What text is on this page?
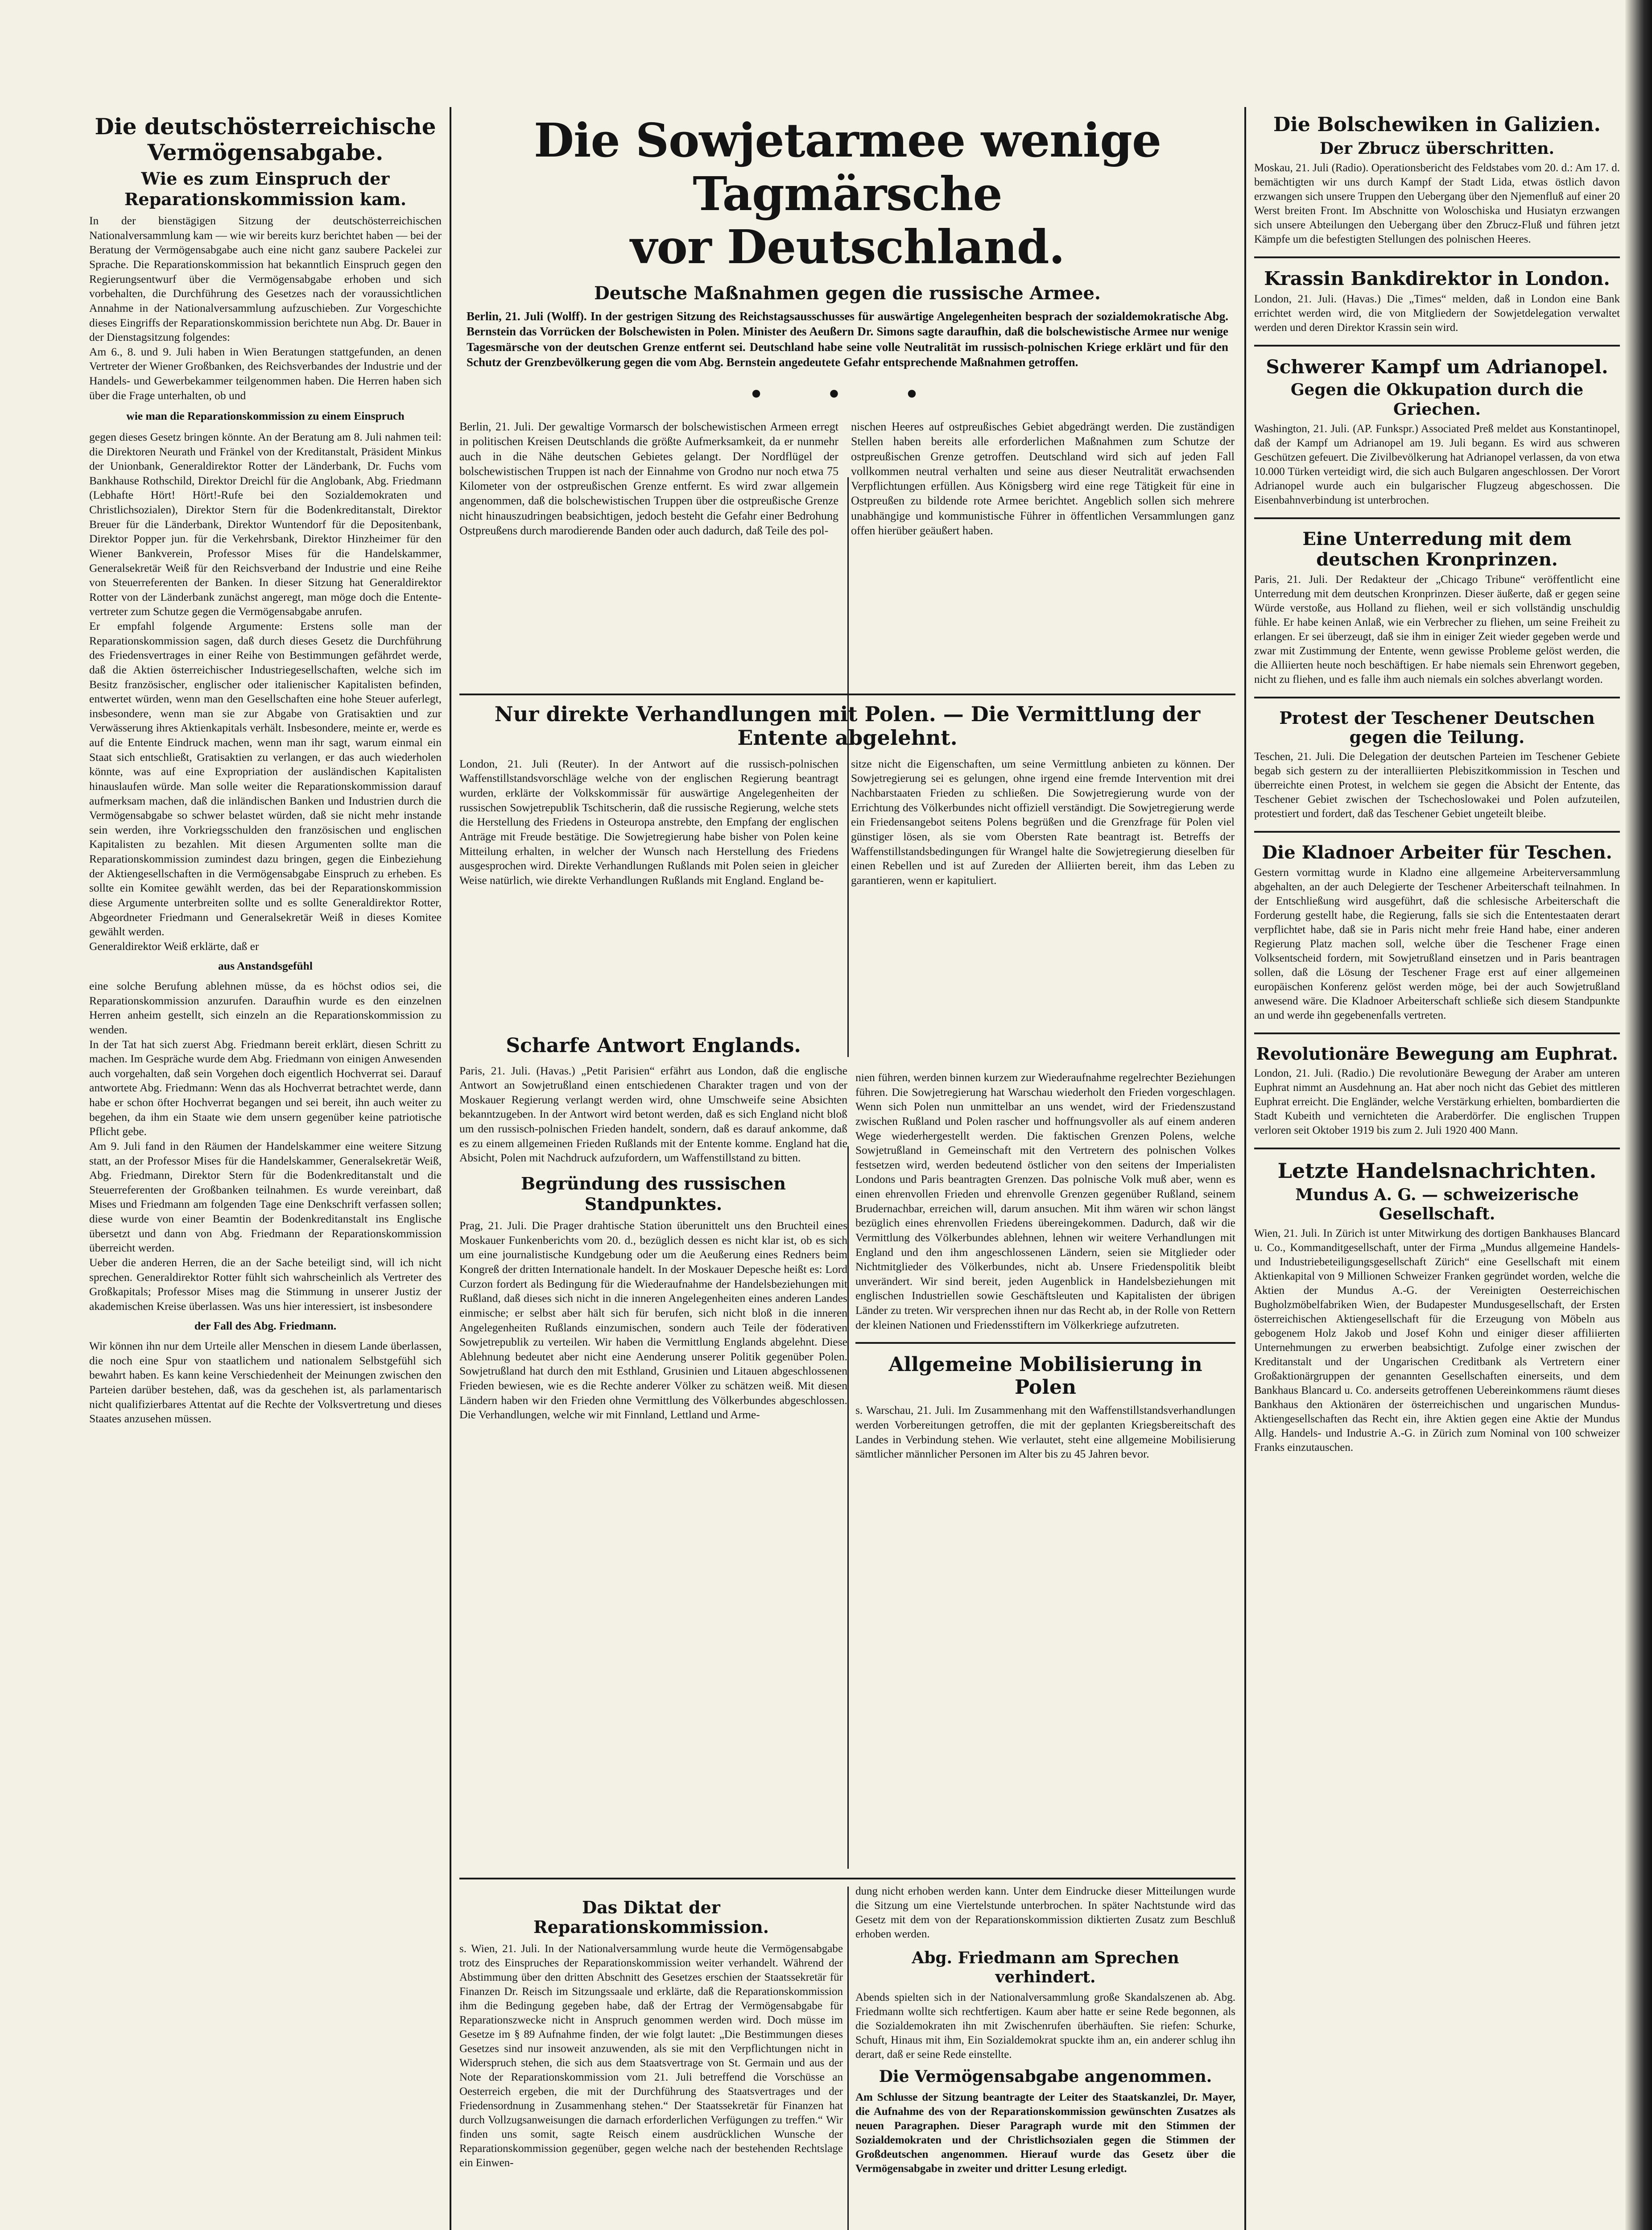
Die deutschösterreichische Vermögensabgabe.
Wie es zum Einspruch der Reparationskommission kam.

In der bienstägigen Sitzung der deutschösterreichischen Nationalversammlung kam — wie wir bereits kurz berichtet haben — bei der Beratung der Vermögensabgabe auch eine nicht ganz saubere Packelei zur Sprache. Die Reparationskommission hat bekanntlich Einspruch gegen den Regierungsentwurf über die Vermögensabgabe erhoben und sich vorbehalten, die Durchführung des Gesetzes nach der voraussichtlichen Annahme in der Nationalversammlung aufzuschieben. Zur Vorgeschichte dieses Eingriffs der Reparationskommission berichtete nun Abg. Dr. Bauer in der Dienstagsitzung folgendes:

Am 6., 8. und 9. Juli haben in Wien Beratungen stattgefunden, an denen Vertreter der Wiener Großbanken, des Reichsverbandes der Industrie und der Handels- und Gewerbekammer teilgenommen haben. Die Herren haben sich über die Frage unterhalten, ob und

wie man die Reparationskommission zu einem Einspruch

gegen dieses Gesetz bringen könnte. An der Beratung am 8. Juli nahmen teil: die Direktoren Neurath und Fränkel von der Kreditanstalt, Präsident Minkus der Unionbank, Generaldirektor Rotter der Länderbank, Dr. Fuchs vom Bankhause Rothschild, Direktor Dreichl für die Anglobank, Abg. Friedmann (Lebhafte Hört! Hört!-Rufe bei den Sozialdemokraten und Christlichsozialen), Direktor Stern für die Bodenkreditanstalt, Direktor Breuer für die Länderbank, Direktor Wuntendorf für die Depositenbank, Direktor Popper jun. für die Verkehrsbank, Direktor Hinzheimer für den Wiener Bankverein, Professor Mises für die Handelskammer, Generalsekretär Weiß für den Reichsverband der Industrie und eine Reihe von Steuerreferenten der Banken. In dieser Sitzung hat Generaldirektor Rotter von der Länderbank zunächst angeregt, man möge doch die Entente-vertreter zum Schutze gegen die Vermögensabgabe anrufen.

Er empfahl folgende Argumente: Erstens solle man der Reparationskommission sagen, daß durch dieses Gesetz die Durchführung des Friedensvertrages in einer Reihe von Bestimmungen gefährdet werde, daß die Aktien österreichischer Industriegesellschaften, welche sich im Besitz französischer, englischer oder italienischer Kapitalisten befinden, entwertet würden, wenn man den Gesellschaften eine hohe Steuer auferlegt, insbesondere, wenn man sie zur Abgabe von Gratisaktien und zur Verwässerung ihres Aktienkapitals verhält. Insbesondere, meinte er, werde es auf die Entente Eindruck machen, wenn man ihr sagt, warum einmal ein Staat sich entschließt, Gratisaktien zu verlangen, er das auch wiederholen könnte, was auf eine Expropriation der ausländischen Kapitalisten hinauslaufen würde. Man solle weiter die Reparationskommission darauf aufmerksam machen, daß die inländischen Banken und Industrien durch die Vermögensabgabe so schwer belastet würden, daß sie nicht mehr instande sein werden, ihre Vorkriegsschulden den französischen und englischen Kapitalisten zu bezahlen. Mit diesen Argumenten sollte man die Reparationskommission zumindest dazu bringen, gegen die Einbeziehung der Aktiengesellschaften in die Vermögensabgabe Einspruch zu erheben. Es sollte ein Komitee gewählt werden, das bei der Reparationskommission diese Argumente unterbreiten sollte und es sollte Generaldirektor Rotter, Abgeordneter Friedmann und Generalsekretär Weiß in dieses Komitee gewählt werden.

Generaldirektor Weiß erklärte, daß er

aus Anstandsgefühl

eine solche Berufung ablehnen müsse, da es höchst odios sei, die Reparationskommission anzurufen. Daraufhin wurde es den einzelnen Herren anheim gestellt, sich einzeln an die Reparationskommission zu wenden.

In der Tat hat sich zuerst Abg. Friedmann bereit erklärt, diesen Schritt zu machen. Im Gespräche wurde dem Abg. Friedmann von einigen Anwesenden auch vorgehalten, daß sein Vorgehen doch eigentlich Hochverrat sei. Darauf antwortete Abg. Friedmann: Wenn das als Hochverrat betrachtet werde, dann habe er schon öfter Hochverrat begangen und sei bereit, ihn auch weiter zu begehen, da ihm ein Staate wie dem unsern gegenüber keine patriotische Pflicht gebe.

Am 9. Juli fand in den Räumen der Handelskammer eine weitere Sitzung statt, an der Professor Mises für die Handelskammer, Generalsekretär Weiß, Abg. Friedmann, Direktor Stern für die Bodenkreditanstalt und die Steuerreferenten der Großbanken teilnahmen. Es wurde vereinbart, daß Mises und Friedmann am folgenden Tage eine Denkschrift verfassen sollen; diese wurde von einer Beamtin der Bodenkreditanstalt ins Englische übersetzt und dann von Abg. Friedmann der Reparationskommission überreicht werden.

Ueber die anderen Herren, die an der Sache beteiligt sind, will ich nicht sprechen. Generaldirektor Rotter fühlt sich wahrscheinlich als Vertreter des Großkapitals; Professor Mises mag die Stimmung in unserer Justiz der akademischen Kreise überlassen. Was uns hier interessiert, ist insbesondere

der Fall des Abg. Friedmann.

Wir können ihn nur dem Urteile aller Menschen in diesem Lande überlassen, die noch eine Spur von staatlichem und nationalem Selbstgefühl sich bewahrt haben. Es kann keine Verschiedenheit der Meinungen zwischen den Parteien darüber bestehen, daß, was da geschehen ist, als parlamentarisch nicht qualifizierbares Attentat auf die Rechte der Volksvertretung und dieses Staates anzusehen müssen.

Die Sowjetarmee wenige Tagmärsche
vor Deutschland.
Deutsche Maßnahmen gegen die russische Armee.
Berlin, 21. Juli (Wolff). In der gestrigen Sitzung des Reichstagsausschusses für auswärtige Angelegenheiten besprach der sozialdemokratische Abg. Bernstein das Vorrücken der Bolschewisten in Polen. Minister des Aeußern Dr. Simons sagte daraufhin, daß die bolschewistische Armee nur wenige Tagesmärsche von der deutschen Grenze entfernt sei. Deutschland habe seine volle Neutralität im russisch-polnischen Kriege erklärt und für den Schutz der Grenzbevölkerung gegen die vom Abg. Bernstein angedeutete Gefahr entsprechende Maßnahmen getroffen.
• • •
Berlin, 21. Juli. Der gewaltige Vormarsch der bolschewistischen Armeen erregt in politischen Kreisen Deutschlands die größte Aufmerksamkeit, da er nunmehr auch in die Nähe deutschen Gebietes gelangt. Der Nordflügel der bolschewistischen Truppen ist nach der Einnahme von Grodno nur noch etwa 75 Kilometer von der ostpreußischen Grenze entfernt. Es wird zwar allgemein angenommen, daß die bolschewistischen Truppen über die ostpreußische Grenze nicht hinauszudringen beabsichtigen, jedoch besteht die Gefahr einer Bedrohung Ostpreußens durch marodierende Banden oder auch dadurch, daß Teile des pol-
nischen Heeres auf ostpreußisches Gebiet abgedrängt werden. Die zuständigen Stellen haben bereits alle erforderlichen Maßnahmen zum Schutze der ostpreußischen Grenze getroffen. Deutschland wird sich auf jeden Fall vollkommen neutral verhalten und seine aus dieser Neutralität erwachsenden Verpflichtungen erfüllen. Aus Königsberg wird eine rege Tätigkeit für eine in Ostpreußen zu bildende rote Armee berichtet. Angeblich sollen sich mehrere unabhängige und kommunistische Führer in öffentlichen Versammlungen ganz offen hierüber geäußert haben.
Nur direkte Verhandlungen mit Polen. — Die Vermittlung der Entente abgelehnt.
London, 21. Juli (Reuter). In der Antwort auf die russisch-polnischen Waffenstillstandsvorschläge welche von der englischen Regierung beantragt wurden, erklärte der Volkskommissär für auswärtige Angelegenheiten der russischen Sowjetrepublik Tschitscherin, daß die russische Regierung, welche stets die Herstellung des Friedens in Osteuropa anstrebte, den Empfang der englischen Anträge mit Freude bestätige. Die Sowjetregierung habe bisher von Polen keine Mitteilung erhalten, in welcher der Wunsch nach Herstellung des Friedens ausgesprochen wird. Direkte Verhandlungen Rußlands mit Polen seien in gleicher Weise natürlich, wie direkte Verhandlungen Rußlands mit England. England be-
sitze nicht die Eigenschaften, um seine Vermittlung anbieten zu können. Der Sowjetregierung sei es gelungen, ohne irgend eine fremde Intervention mit drei Nachbarstaaten Frieden zu schließen. Die Sowjetregierung wurde von der Errichtung des Völkerbundes nicht offiziell verständigt. Die Sowjetregierung werde ein Friedensangebot seitens Polens begrüßen und die Grenzfrage für Polen viel günstiger lösen, als sie vom Obersten Rate beantragt ist. Betreffs der Waffenstillstandsbedingungen für Wrangel halte die Sowjetregierung dieselben für einen Rebellen und ist auf Zureden der Alliierten bereit, ihm das Leben zu garantieren, wenn er kapituliert.
Scharfe Antwort Englands.
Paris, 21. Juli. (Havas.) „Petit Parisien“ erfährt aus London, daß die englische Antwort an Sowjetrußland einen entschiedenen Charakter tragen und von der Moskauer Regierung verlangt werden wird, ohne Umschweife seine Absichten bekanntzugeben. In der Antwort wird betont werden, daß es sich England nicht bloß um den russisch-polnischen Frieden handelt, sondern, daß es darauf ankomme, daß es zu einem allgemeinen Frieden Rußlands mit der Entente komme. England hat die Absicht, Polen mit Nachdruck aufzufordern, um Waffenstillstand zu bitten.
Begründung des russischen Standpunktes.
Prag, 21. Juli. Die Prager drahtische Station überunittelt uns den Bruchteil eines Moskauer Funkenberichts vom 20. d., bezüglich dessen es nicht klar ist, ob es sich um eine journalistische Kundgebung oder um die Aeußerung eines Redners beim Kongreß der dritten Internationale handelt. In der Moskauer Depesche heißt es: Lord Curzon fordert als Bedingung für die Wiederaufnahme der Handelsbeziehungen mit Rußland, daß dieses sich nicht in die inneren Angelegenheiten eines anderen Landes einmische; er selbst aber hält sich für berufen, sich nicht bloß in die inneren Angelegenheiten Rußlands einzumischen, sondern auch Teile der föderativen Sowjetrepublik zu verteilen. Wir haben die Vermittlung Englands abgelehnt. Diese Ablehnung bedeutet aber nicht eine Aenderung unserer Politik gegenüber Polen. Sowjetrußland hat durch den mit Esthland, Grusinien und Litauen abgeschlossenen Frieden bewiesen, wie es die Rechte anderer Völker zu schätzen weiß. Mit diesen Ländern haben wir den Frieden ohne Vermittlung des Völkerbundes abgeschlossen. Die Verhandlungen, welche wir mit Finnland, Lettland und Arme-
nien führen, werden binnen kurzem zur Wiederaufnahme regelrechter Beziehungen führen. Die Sowjetregierung hat Warschau wiederholt den Frieden vorgeschlagen. Wenn sich Polen nun unmittelbar an uns wendet, wird der Friedenszustand zwischen Rußland und Polen rascher und hoffnungsvoller als auf einem anderen Wege wiederhergestellt werden. Die faktischen Grenzen Polens, welche Sowjetrußland in Gemeinschaft mit den Vertretern des polnischen Volkes festsetzen wird, werden bedeutend östlicher von den seitens der Imperialisten Londons und Paris beantragten Grenzen. Das polnische Volk muß aber, wenn es einen ehrenvollen Frieden und ehrenvolle Grenzen gegenüber Rußland, seinem Brudernachbar, erreichen will, darum ansuchen. Mit ihm wären wir schon längst bezüglich eines ehrenvollen Friedens übereingekommen. Dadurch, daß wir die Vermittlung des Völkerbundes ablehnen, lehnen wir weitere Verhandlungen mit England und den ihm angeschlossenen Ländern, seien sie Mitglieder oder Nichtmitglieder des Völkerbundes, nicht ab. Unsere Friedenspolitik bleibt unverändert. Wir sind bereit, jeden Augenblick in Handelsbeziehungen mit englischen Industriellen sowie Geschäftsleuten und Kapitalisten der übrigen Länder zu treten. Wir versprechen ihnen nur das Recht ab, in der Rolle von Rettern der kleinen Nationen und Friedensstiftern im Völkerkriege aufzutreten.
Allgemeine Mobilisierung in Polen
s. Warschau, 21. Juli. Im Zusammenhang mit den Waffenstillstandsverhandlungen werden Vorbereitungen getroffen, die mit der geplanten Kriegsbereitschaft des Landes in Verbindung stehen. Wie verlautet, steht eine allgemeine Mobilisierung sämtlicher männlicher Personen im Alter bis zu 45 Jahren bevor.
Das Diktat der Reparationskommission.
s. Wien, 21. Juli. In der Nationalversammlung wurde heute die Vermögensabgabe trotz des Einspruches der Reparationskommission weiter verhandelt. Während der Abstimmung über den dritten Abschnitt des Gesetzes erschien der Staatssekretär für Finanzen Dr. Reisch im Sitzungssaale und erklärte, daß die Reparationskommission ihm die Bedingung gegeben habe, daß der Ertrag der Vermögensabgabe für Reparationszwecke nicht in Anspruch genommen werden wird. Doch müsse im Gesetze im § 89 Aufnahme finden, der wie folgt lautet: „Die Bestimmungen dieses Gesetzes sind nur insoweit anzuwenden, als sie mit den Verpflichtungen nicht in Widerspruch stehen, die sich aus dem Staatsvertrage von St. Germain und aus der Note der Reparationskommission vom 21. Juli betreffend die Vorschüsse an Oesterreich ergeben, die mit der Durchführung des Staatsvertrages und der Friedensordnung in Zusammenhang stehen.“ Der Staatssekretär für Finanzen hat durch Vollzugsanweisungen die darnach erforderlichen Verfügungen zu treffen.“ Wir finden uns somit, sagte Reisch einem ausdrücklichen Wunsche der Reparationskommission gegenüber, gegen welche nach der bestehenden Rechtslage ein Einwen-
dung nicht erhoben werden kann. Unter dem Eindrucke dieser Mitteilungen wurde die Sitzung um eine Viertelstunde unterbrochen. In später Nachtstunde wird das Gesetz mit dem von der Reparationskommission diktierten Zusatz zum Beschluß erhoben werden.
Abg. Friedmann am Sprechen verhindert.
Abends spielten sich in der Nationalversammlung große Skandalszenen ab. Abg. Friedmann wollte sich rechtfertigen. Kaum aber hatte er seine Rede begonnen, als die Sozialdemokraten ihn mit Zwischenrufen überhäuften. Sie riefen: Schurke, Schuft, Hinaus mit ihm, Ein Sozialdemokrat spuckte ihm an, ein anderer schlug ihn derart, daß er seine Rede einstellte.
Die Vermögensabgabe angenommen.
Am Schlusse der Sitzung beantragte der Leiter des Staatskanzlei, Dr. Mayer, die Aufnahme des von der Reparationskommission gewünschten Zusatzes als neuen Paragraphen. Dieser Paragraph wurde mit den Stimmen der Sozialdemokraten und der Christlichsozialen gegen die Stimmen der Großdeutschen angenommen. Hierauf wurde das Gesetz über die Vermögensabgabe in zweiter und dritter Lesung erledigt.
Die Bolschewiken in Galizien.
Der Zbrucz überschritten.
Moskau, 21. Juli (Radio). Operationsbericht des Feldstabes vom 20. d.: Am 17. d. bemächtigten wir uns durch Kampf der Stadt Lida, etwas östlich davon erzwangen sich unsere Truppen den Uebergang über den Njemenfluß auf einer 20 Werst breiten Front. Im Abschnitte von Woloschiska und Husiatyn erzwangen sich unsere Abteilungen den Uebergang über den Zbrucz-Fluß und führen jetzt Kämpfe um die befestigten Stellungen des polnischen Heeres.
Krassin Bankdirektor in London.
London, 21. Juli. (Havas.) Die „Times“ melden, daß in London eine Bank errichtet werden wird, die von Mitgliedern der Sowjetdelegation verwaltet werden und deren Direktor Krassin sein wird.
Schwerer Kampf um Adrianopel.
Gegen die Okkupation durch die Griechen.
Washington, 21. Juli. (AP. Funkspr.) Associated Preß meldet aus Konstantinopel, daß der Kampf um Adrianopel am 19. Juli begann. Es wird aus schweren Geschützen gefeuert. Die Zivilbevölkerung hat Adrianopel verlassen, da von etwa 10.000 Türken verteidigt wird, die sich auch Bulgaren angeschlossen. Der Vorort Adrianopel wurde auch ein bulgarischer Flugzeug abgeschossen. Die Eisenbahnverbindung ist unterbrochen.
Eine Unterredung mit dem deutschen Kronprinzen.
Paris, 21. Juli. Der Redakteur der „Chicago Tribune“ veröffentlicht eine Unterredung mit dem deutschen Kronprinzen. Dieser äußerte, daß er gegen seine Würde verstoße, aus Holland zu fliehen, weil er sich vollständig unschuldig fühle. Er habe keinen Anlaß, wie ein Verbrecher zu fliehen, um seine Freiheit zu erlangen. Er sei überzeugt, daß sie ihm in einiger Zeit wieder gegeben werde und zwar mit Zustimmung der Entente, wenn gewisse Probleme gelöst werden, die die Alliierten heute noch beschäftigen. Er habe niemals sein Ehrenwort gegeben, nicht zu fliehen, und es falle ihm auch niemals ein solches abverlangt worden.
Protest der Teschener Deutschen gegen die Teilung.
Teschen, 21. Juli. Die Delegation der deutschen Parteien im Teschener Gebiete begab sich gestern zu der interalliierten Plebiszitkommission in Teschen und überreichte einen Protest, in welchem sie gegen die Absicht der Entente, das Teschener Gebiet zwischen der Tschechoslowakei und Polen aufzuteilen, protestiert und fordert, daß das Teschener Gebiet ungeteilt bleibe.
Die Kladnoer Arbeiter für Teschen.
Gestern vormittag wurde in Kladno eine allgemeine Arbeiterversammlung abgehalten, an der auch Delegierte der Teschener Arbeiterschaft teilnahmen. In der Entschließung wird ausgeführt, daß die schlesische Arbeiterschaft die Forderung gestellt habe, die Regierung, falls sie sich die Ententestaaten derart verpflichtet habe, daß sie in Paris nicht mehr freie Hand habe, einer anderen Regierung Platz machen soll, welche über die Teschener Frage einen Volksentscheid fordern, mit Sowjetrußland einsetzen und in Paris beantragen sollen, daß die Lösung der Teschener Frage erst auf einer allgemeinen europäischen Konferenz gelöst werden möge, bei der auch Sowjetrußland anwesend wäre. Die Kladnoer Arbeiterschaft schließe sich diesem Standpunkte an und werde ihn gegebenenfalls vertreten.
Revolutionäre Bewegung am Euphrat.
London, 21. Juli. (Radio.) Die revolutionäre Bewegung der Araber am unteren Euphrat nimmt an Ausdehnung an. Hat aber noch nicht das Gebiet des mittleren Euphrat erreicht. Die Engländer, welche Verstärkung erhielten, bombardierten die Stadt Kubeith und vernichteten die Araberdörfer. Die englischen Truppen verloren seit Oktober 1919 bis zum 2. Juli 1920 400 Mann.
Letzte Handelsnachrichten.
Mundus A. G. — schweizerische Gesellschaft.
Wien, 21. Juli. In Zürich ist unter Mitwirkung des dortigen Bankhauses Blancard u. Co., Kommanditgesellschaft, unter der Firma „Mundus allgemeine Handels- und Industriebeteiligungsgesellschaft Zürich“ eine Gesellschaft mit einem Aktienkapital von 9 Millionen Schweizer Franken gegründet worden, welche die Aktien der Mundus A.-G. der Vereinigten Oesterreichischen Bugholzmöbelfabriken Wien, der Budapester Mundusgesellschaft, der Ersten österreichischen Aktiengesellschaft für die Erzeugung von Möbeln aus gebogenem Holz Jakob und Josef Kohn und einiger dieser affiliierten Unternehmungen zu erwerben beabsichtigt. Zufolge einer zwischen der Kreditanstalt und der Ungarischen Creditbank als Vertretern einer Großaktionärgruppen der genannten Gesellschaften einerseits, und dem Bankhaus Blancard u. Co. anderseits getroffenen Uebereinkommens räumt dieses Bankhaus den Aktionären der österreichischen und ungarischen Mundus-Aktiengesellschaften das Recht ein, ihre Aktien gegen eine Aktie der Mundus Allg. Handels- und Industrie A.-G. in Zürich zum Nominal von 100 schweizer Franks einzutauschen.
